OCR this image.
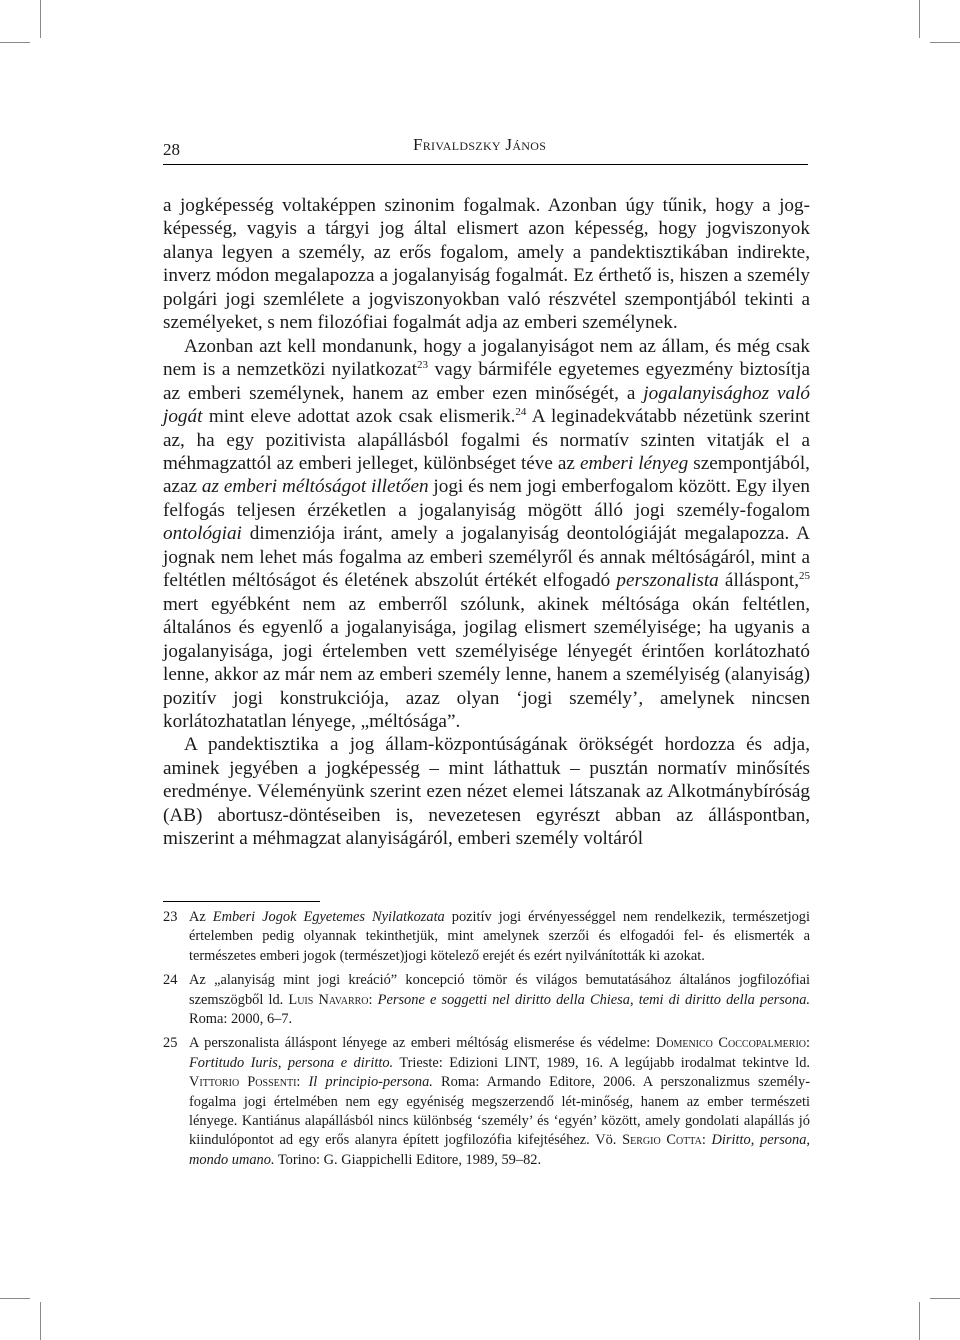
28	Frivaldszky János

a jogképesség voltaképpen szinonim fogalmak. Azonban úgy tűnik, hogy a jogképesség, vagyis a tárgyi jog által elismert azon képesség, hogy jogviszonyok alanya legyen a személy, az erős fogalom, amely a pandektisztikában indirekte, inverz módon megalapozza a jogalanyiság fogalmát. Ez érthető is, hiszen a személy polgári jogi szemlélete a jogviszonyokban való részvétel szempontjából tekinti a személyeket, s nem filozófiai fogalmát adja az emberi személynek.

Azonban azt kell mondanunk, hogy a jogalanyiságot nem az állam, és még csak nem is a nemzetközi nyilatkozat$^{23}$ vagy bármiféle egyetemes egyezmény biztosítja az emberi személynek, hanem az ember ezen minőségét, a jogalanyisághoz való jogát mint eleve adottat azok csak elismerik.$^{24}$ A leginadekvátabb nézetünk szerint az, ha egy pozitivista alapállásból fogalmi és normatív szinten vitatják el a méhmagzattól az emberi jelleget, különbséget téve az emberi lényeg szempontjából, azaz az emberi méltóságot illetően jogi és nem jogi emberfogalom között. Egy ilyen felfogás teljesen érzéketlen a jogalanyiság mögött álló jogi személy-fogalom ontológiai dimenziója iránt, amely a jogalanyiság deontológiáját megalapozza. A jognak nem lehet más fogalma az emberi személyről és annak méltóságáról, mint a feltétlen méltóságot és életének abszolút értékét elfogadó perszonalista álláspont,$^{25}$ mert egyébként nem az emberről szólunk, akinek méltósága okán feltétlen, általános és egyenlő a jogalanyisága, jogilag elismert személyisége; ha ugyanis a jogalanyisága, jogi értelemben vett személyisége lényegét érintően korlátozható lenne, akkor az már nem az emberi személy lenne, hanem a személyiség (alanyiság) pozitív jogi konstrukciója, azaz olyan ‘jogi személy’, amelynek nincsen korlátozhatatlan lényege, „méltósága”.

A pandektisztika a jog állam-központúságának örökségét hordozza és adja, aminek jegyében a jogképesség – mint láthattuk – pusztán normatív minősítés eredménye. Véleményünk szerint ezen nézet elemei látszanak az Alkotmánybíróság (AB) abortusz-döntéseiben is, nevezetesen egyrészt abban az álláspontban, miszerint a méhmagzat alanyiságáról, emberi személy voltáról

23 Az Emberi Jogok Egyetemes Nyilatkozata pozitív jogi érvényességgel nem rendelkezik, természetjogi értelemben pedig olyannak tekinthetjük, mint amelynek szerzői és elfogadói fel- és elismerték a természetes emberi jogok (természet)jogi kötelező erejét és ezért nyilvánították ki azokat.
24 Az „alanyiság mint jogi kreáció” koncepció tömör és világos bemutatásához általános jogfilozófiai szemszögből ld. Luis Navarro: Persone e soggetti nel diritto della Chiesa, temi di diritto della persona. Roma: 2000, 6–7.
25 A perszonalista álláspont lényege az emberi méltóság elismerése és védelme: Domenico Coccopalmerio: Fortitudo Iuris, persona e diritto. Trieste: Edizioni LINT, 1989, 16. A legújabb irodalmat tekintve ld. Vittorio Possenti: Il principio-persona. Roma: Armando Editore, 2006. A perszonalizmus személy-fogalma jogi értelmében nem egy egyéniség megszerzendő lét-minőség, hanem az ember természeti lényege. Kantiánus alapállásból nincs különbség ‘személy’ és ‘egyén’ között, amely gondolati alapállás jó kiindulópontot ad egy erős alanyra épített jogfilozófia kifejtéséhez. Vö. Sergio Cotta: Diritto, persona, mondo umano. Torino: G. Giappichelli Editore, 1989, 59–82.
